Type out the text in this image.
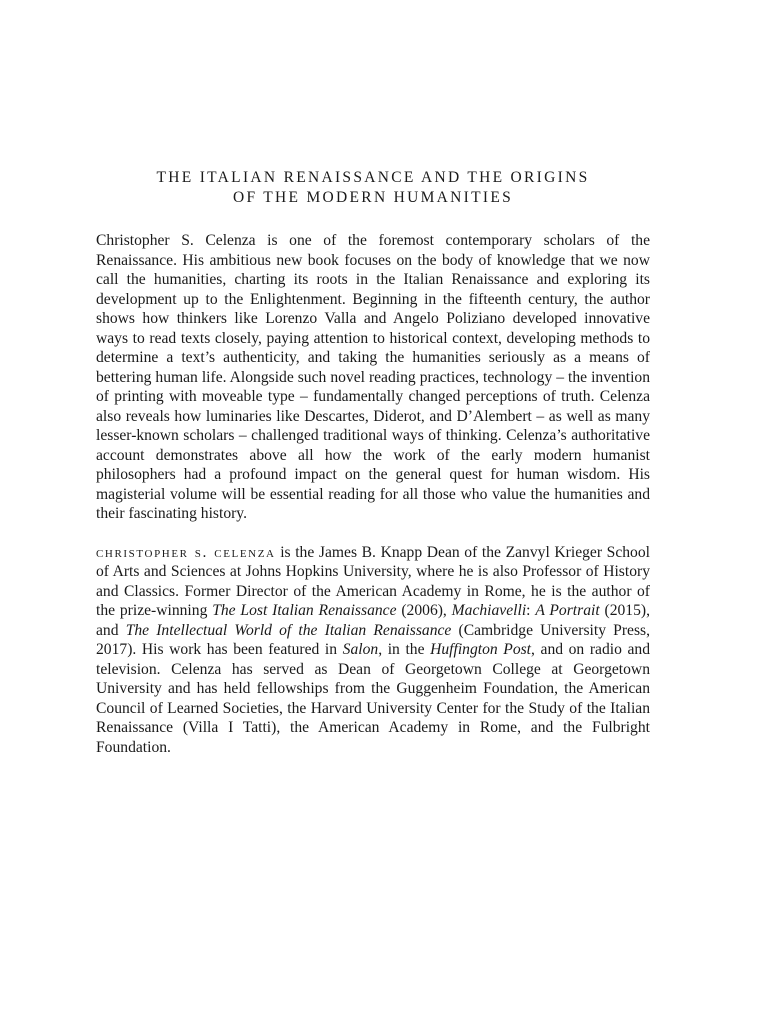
THE ITALIAN RENAISSANCE AND THE ORIGINS
OF THE MODERN HUMANITIES

Christopher S. Celenza is one of the foremost contemporary scholars of the Renaissance. His ambitious new book focuses on the body of knowledge that we now call the humanities, charting its roots in the Italian Renaissance and exploring its development up to the Enlightenment. Beginning in the fifteenth century, the author shows how thinkers like Lorenzo Valla and Angelo Poliziano developed innovative ways to read texts closely, paying attention to historical context, developing methods to determine a text’s authenticity, and taking the humanities seriously as a means of bettering human life. Alongside such novel reading practices, technology – the invention of printing with moveable type – fundamentally changed perceptions of truth. Celenza also reveals how luminaries like Descartes, Diderot, and D’Alembert – as well as many lesser-known scholars – challenged traditional ways of thinking. Celenza’s authoritative account demonstrates above all how the work of the early modern humanist philosophers had a profound impact on the general quest for human wisdom. His magisterial volume will be essential reading for all those who value the humanities and their fascinating history.

christopher s. celenza is the James B. Knapp Dean of the Zanvyl Krieger School of Arts and Sciences at Johns Hopkins University, where he is also Professor of History and Classics. Former Director of the American Academy in Rome, he is the author of the prize-winning The Lost Italian Renaissance (2006), Machiavelli: A Portrait (2015), and The Intellectual World of the Italian Renaissance (Cambridge University Press, 2017). His work has been featured in Salon, in the Huffington Post, and on radio and television. Celenza has served as Dean of Georgetown College at Georgetown University and has held fellowships from the Guggenheim Foundation, the American Council of Learned Societies, the Harvard University Center for the Study of the Italian Renaissance (Villa I Tatti), the American Academy in Rome, and the Fulbright Foundation.
